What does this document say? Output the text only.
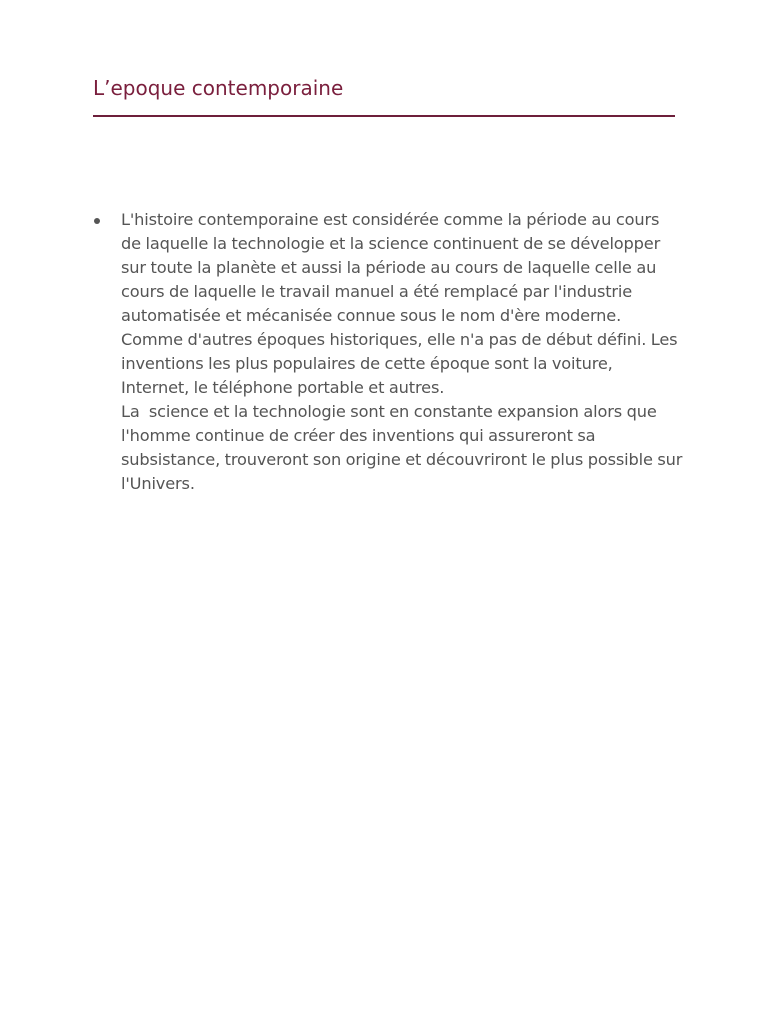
L’epoque contemporaine

L'histoire contemporaine est considérée comme la période au cours de laquelle la technologie et la science continuent de se développer sur toute la planète et aussi la période au cours de laquelle celle au cours de laquelle le travail manuel a été remplacé par l'industrie automatisée et mécanisée connue sous le nom d'ère moderne. Comme d'autres époques historiques, elle n'a pas de début défini. Les inventions les plus populaires de cette époque sont la voiture, Internet, le téléphone portable et autres.

La  science et la technologie sont en constante expansion alors que l'homme continue de créer des inventions qui assureront sa subsistance, trouveront son origine et découvriront le plus possible sur l'Univers.
